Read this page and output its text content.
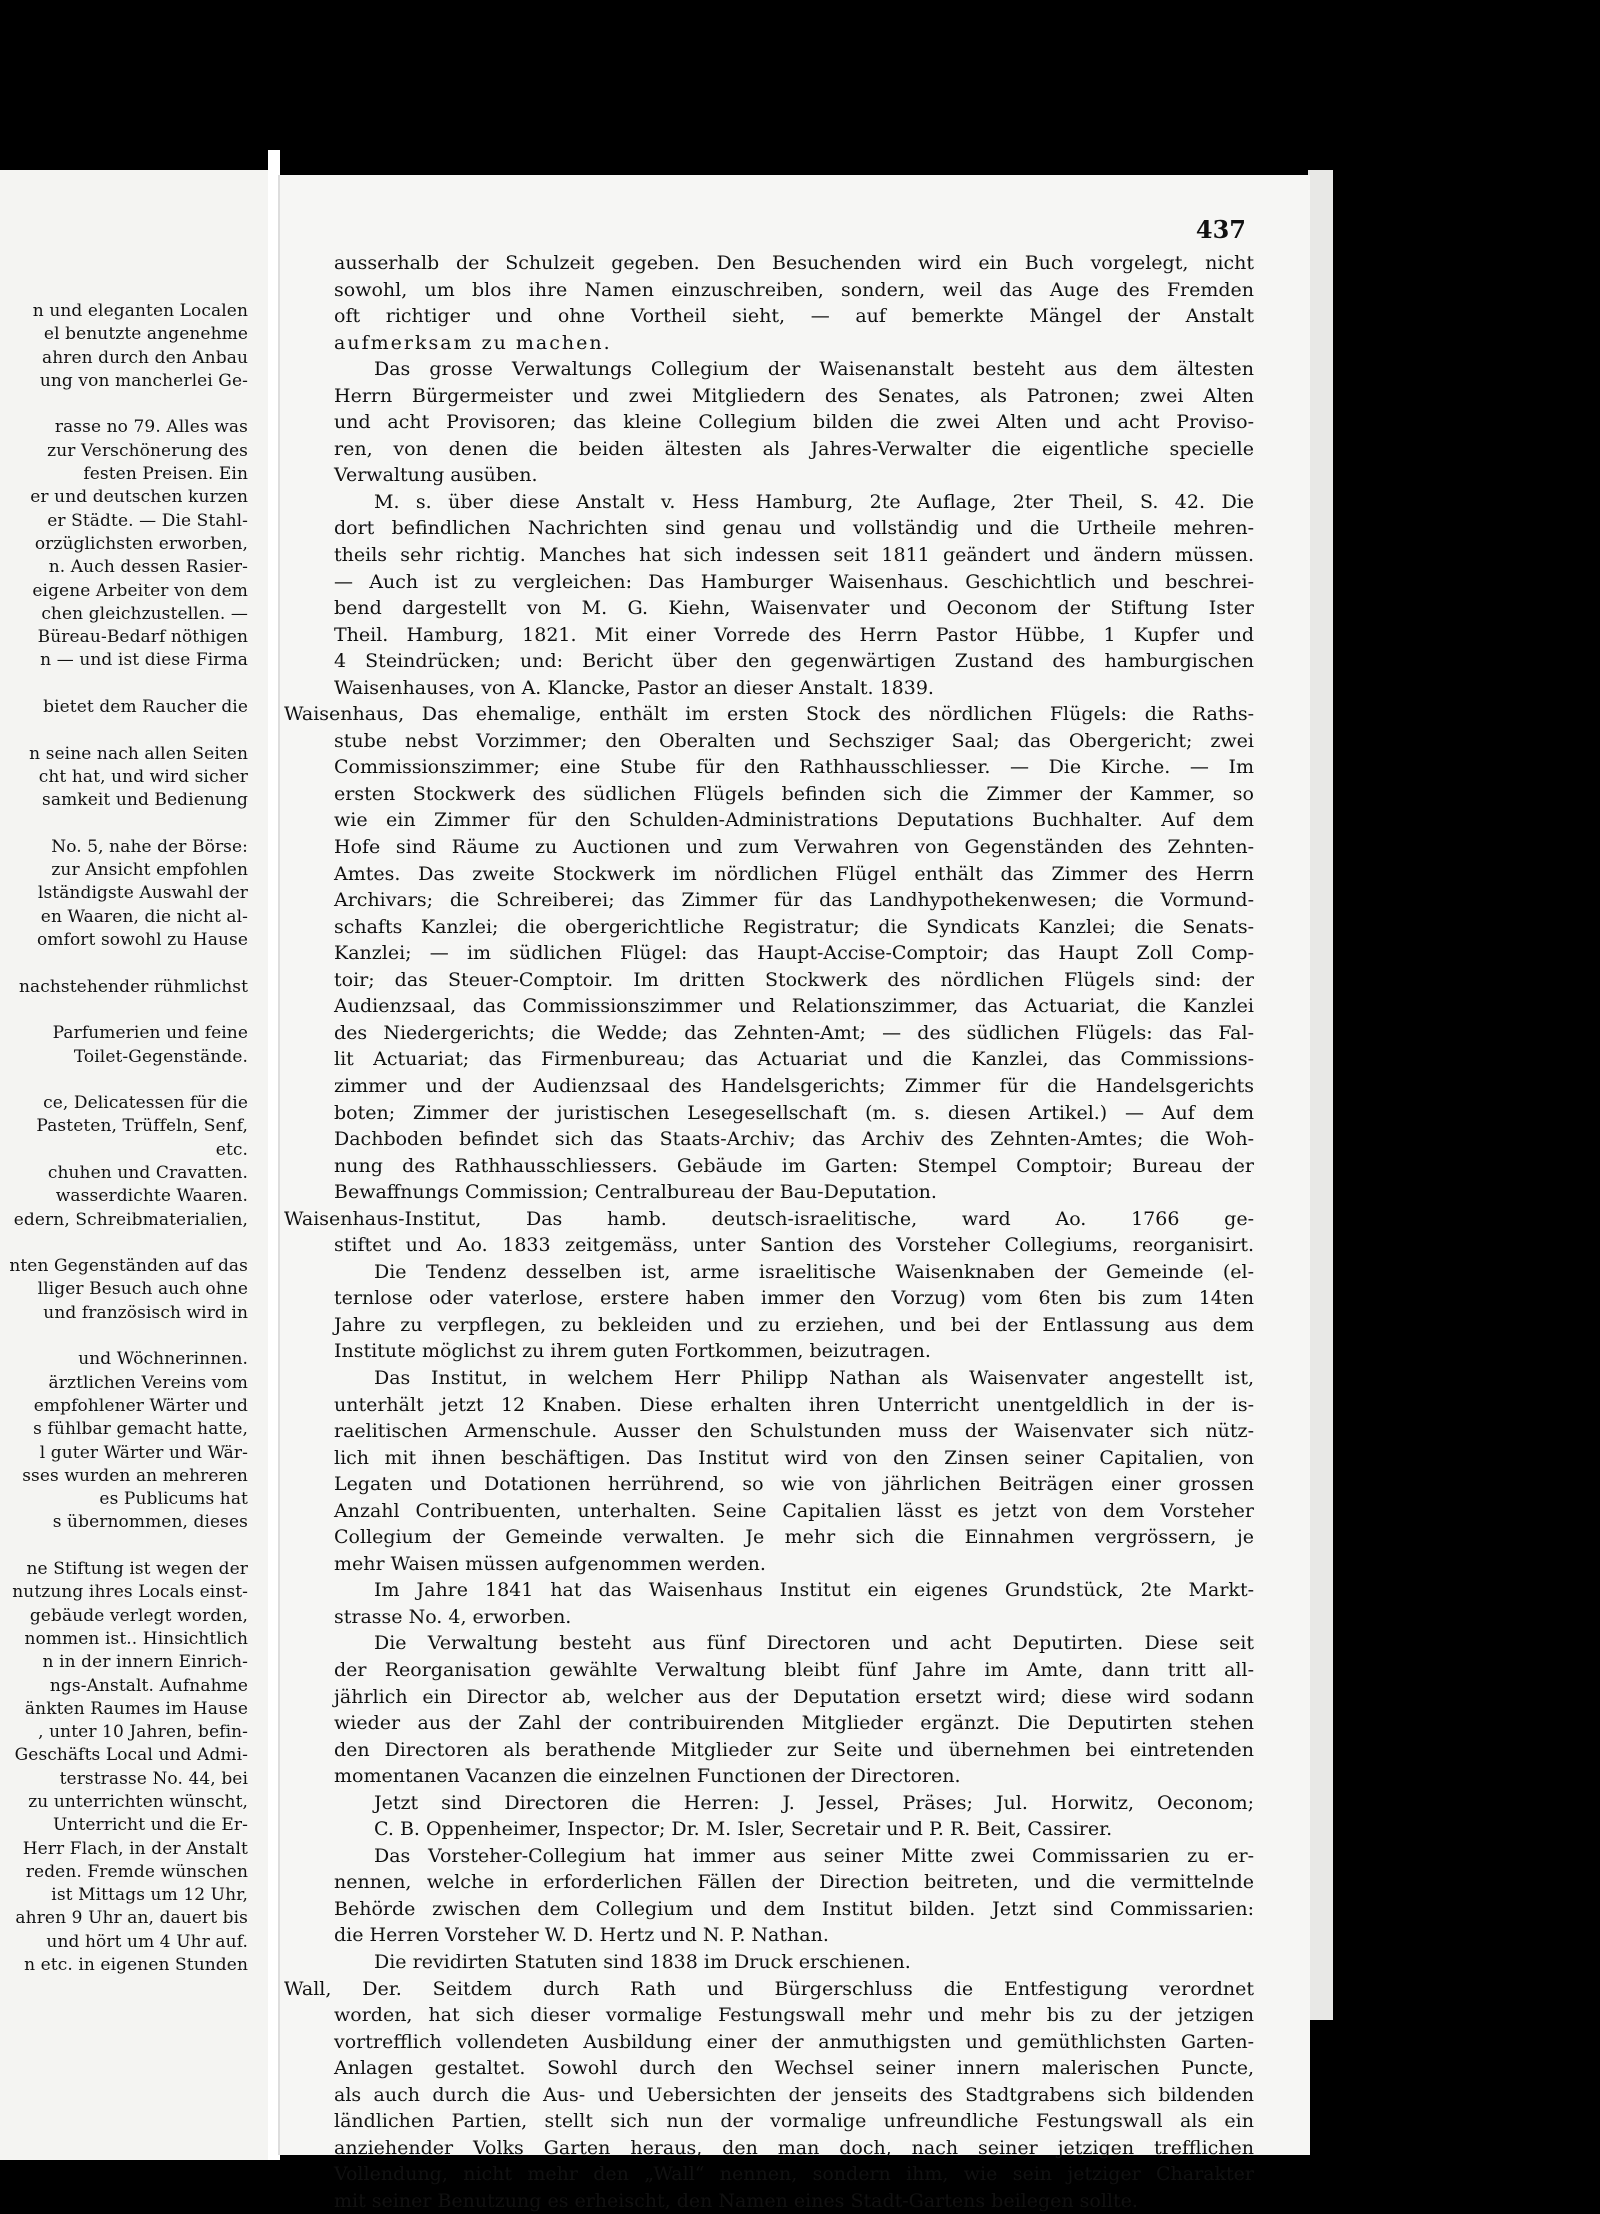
n und eleganten Localen
el benutzte angenehme
ahren durch den Anbau
ung von mancherlei Ge-
rasse no 79. Alles was
zur Verschönerung des
festen Preisen. Ein
er und deutschen kurzen
er Städte. — Die Stahl-
orzüglichsten erworben,
n. Auch dessen Rasier-
eigene Arbeiter von dem
chen gleichzustellen. —
Büreau-Bedarf nöthigen
n — und ist diese Firma
bietet dem Raucher die
n seine nach allen Seiten
cht hat, und wird sicher
samkeit und Bedienung
No. 5, nahe der Börse:
zur Ansicht empfohlen
lständigste Auswahl der
en Waaren, die nicht al-
omfort sowohl zu Hause
nachstehender rühmlichst
Parfumerien und feine
Toilet-Gegenstände.
ce, Delicatessen für die
Pasteten, Trüffeln, Senf,
etc.
chuhen und Cravatten.
wasserdichte Waaren.
edern, Schreibmaterialien,
nten Gegenständen auf das
lliger Besuch auch ohne
und französisch wird in
und Wöchnerinnen.
ärztlichen Vereins vom
empfohlener Wärter und
s fühlbar gemacht hatte,
l guter Wärter und Wär-
sses wurden an mehreren
es Publicums hat
s übernommen, dieses
ne Stiftung ist wegen der
nutzung ihres Locals einst-
gebäude verlegt worden,
nommen ist.. Hinsichtlich
n in der innern Einrich-
ngs-Anstalt. Aufnahme
änkten Raumes im Hause
, unter 10 Jahren, befin-
Geschäfts Local und Admi-
terstrasse No. 44, bei
zu unterrichten wünscht,
Unterricht und die Er-
Herr Flach, in der Anstalt
reden. Fremde wünschen
ist Mittags um 12 Uhr,
ahren 9 Uhr an, dauert bis
und hört um 4 Uhr auf.
n etc. in eigenen Stunden
437
ausserhalb der Schulzeit gegeben. Den Besuchenden wird ein Buch vorgelegt, nicht
sowohl, um blos ihre Namen einzuschreiben, sondern, weil das Auge des Fremden
oft richtiger und ohne Vortheil sieht, — auf bemerkte Mängel der Anstalt
aufmerksam zu machen.
Das grosse Verwaltungs Collegium der Waisenanstalt besteht aus dem ältesten
Herrn Bürgermeister und zwei Mitgliedern des Senates, als Patronen; zwei Alten
und acht Provisoren; das kleine Collegium bilden die zwei Alten und acht Proviso-
ren, von denen die beiden ältesten als Jahres-Verwalter die eigentliche specielle
Verwaltung ausüben.
M. s. über diese Anstalt v. Hess Hamburg, 2te Auflage, 2ter Theil, S. 42. Die
dort befindlichen Nachrichten sind genau und vollständig und die Urtheile mehren-
theils sehr richtig. Manches hat sich indessen seit 1811 geändert und ändern müssen.
— Auch ist zu vergleichen: Das Hamburger Waisenhaus. Geschichtlich und beschrei-
bend dargestellt von M. G. Kiehn, Waisenvater und Oeconom der Stiftung Ister
Theil. Hamburg, 1821. Mit einer Vorrede des Herrn Pastor Hübbe, 1 Kupfer und
4 Steindrücken; und: Bericht über den gegenwärtigen Zustand des hamburgischen
Waisenhauses, von A. Klancke, Pastor an dieser Anstalt. 1839.
Waisenhaus, Das ehemalige, enthält im ersten Stock des nördlichen Flügels: die Raths-
stube nebst Vorzimmer; den Oberalten und Sechsziger Saal; das Obergericht; zwei
Commissionszimmer; eine Stube für den Rathhausschliesser. — Die Kirche. — Im
ersten Stockwerk des südlichen Flügels befinden sich die Zimmer der Kammer, so
wie ein Zimmer für den Schulden-Administrations Deputations Buchhalter. Auf dem
Hofe sind Räume zu Auctionen und zum Verwahren von Gegenständen des Zehnten-
Amtes. Das zweite Stockwerk im nördlichen Flügel enthält das Zimmer des Herrn
Archivars; die Schreiberei; das Zimmer für das Landhypothekenwesen; die Vormund-
schafts Kanzlei; die obergerichtliche Registratur; die Syndicats Kanzlei; die Senats-
Kanzlei; — im südlichen Flügel: das Haupt-Accise-Comptoir; das Haupt Zoll Comp-
toir; das Steuer-Comptoir. Im dritten Stockwerk des nördlichen Flügels sind: der
Audienzsaal, das Commissionszimmer und Relationszimmer, das Actuariat, die Kanzlei
des Niedergerichts; die Wedde; das Zehnten-Amt; — des südlichen Flügels: das Fal-
lit Actuariat; das Firmenbureau; das Actuariat und die Kanzlei, das Commissions-
zimmer und der Audienzsaal des Handelsgerichts; Zimmer für die Handelsgerichts
boten; Zimmer der juristischen Lesegesellschaft (m. s. diesen Artikel.) — Auf dem
Dachboden befindet sich das Staats-Archiv; das Archiv des Zehnten-Amtes; die Woh-
nung des Rathhausschliessers. Gebäude im Garten: Stempel Comptoir; Bureau der
Bewaffnungs Commission; Centralbureau der Bau-Deputation.
Waisenhaus-Institut, Das hamb. deutsch-israelitische, ward Ao. 1766 ge-
stiftet und Ao. 1833 zeitgemäss, unter Santion des Vorsteher Collegiums, reorganisirt.
Die Tendenz desselben ist, arme israelitische Waisenknaben der Gemeinde (el-
ternlose oder vaterlose, erstere haben immer den Vorzug) vom 6ten bis zum 14ten
Jahre zu verpflegen, zu bekleiden und zu erziehen, und bei der Entlassung aus dem
Institute möglichst zu ihrem guten Fortkommen, beizutragen.
Das Institut, in welchem Herr Philipp Nathan als Waisenvater angestellt ist,
unterhält jetzt 12 Knaben. Diese erhalten ihren Unterricht unentgeldlich in der is-
raelitischen Armenschule. Ausser den Schulstunden muss der Waisenvater sich nütz-
lich mit ihnen beschäftigen. Das Institut wird von den Zinsen seiner Capitalien, von
Legaten und Dotationen herrührend, so wie von jährlichen Beiträgen einer grossen
Anzahl Contribuenten, unterhalten. Seine Capitalien lässt es jetzt von dem Vorsteher
Collegium der Gemeinde verwalten. Je mehr sich die Einnahmen vergrössern, je
mehr Waisen müssen aufgenommen werden.
Im Jahre 1841 hat das Waisenhaus Institut ein eigenes Grundstück, 2te Markt-
strasse No. 4, erworben.
Die Verwaltung besteht aus fünf Directoren und acht Deputirten. Diese seit
der Reorganisation gewählte Verwaltung bleibt fünf Jahre im Amte, dann tritt all-
jährlich ein Director ab, welcher aus der Deputation ersetzt wird; diese wird sodann
wieder aus der Zahl der contribuirenden Mitglieder ergänzt. Die Deputirten stehen
den Directoren als berathende Mitglieder zur Seite und übernehmen bei eintretenden
momentanen Vacanzen die einzelnen Functionen der Directoren.
Jetzt sind Directoren die Herren: J. Jessel, Präses; Jul. Horwitz, Oeconom;
C. B. Oppenheimer, Inspector; Dr. M. Isler, Secretair und P. R. Beit, Cassirer.
Das Vorsteher-Collegium hat immer aus seiner Mitte zwei Commissarien zu er-
nennen, welche in erforderlichen Fällen der Direction beitreten, und die vermittelnde
Behörde zwischen dem Collegium und dem Institut bilden. Jetzt sind Commissarien:
die Herren Vorsteher W. D. Hertz und N. P. Nathan.
Die revidirten Statuten sind 1838 im Druck erschienen.
Wall, Der. Seitdem durch Rath und Bürgerschluss die Entfestigung verordnet
worden, hat sich dieser vormalige Festungswall mehr und mehr bis zu der jetzigen
vortrefflich vollendeten Ausbildung einer der anmuthigsten und gemüthlichsten Garten-
Anlagen gestaltet. Sowohl durch den Wechsel seiner innern malerischen Puncte,
als auch durch die Aus- und Uebersichten der jenseits des Stadtgrabens sich bildenden
ländlichen Partien, stellt sich nun der vormalige unfreundliche Festungswall als ein
anziehender Volks Garten heraus, den man doch, nach seiner jetzigen trefflichen
Vollendung, nicht mehr den „Wall“ nennen, sondern ihm, wie sein jetziger Charakter
mit seiner Benutzung es erheischt, den Namen eines Stadt-Gartens beilegen sollte.
